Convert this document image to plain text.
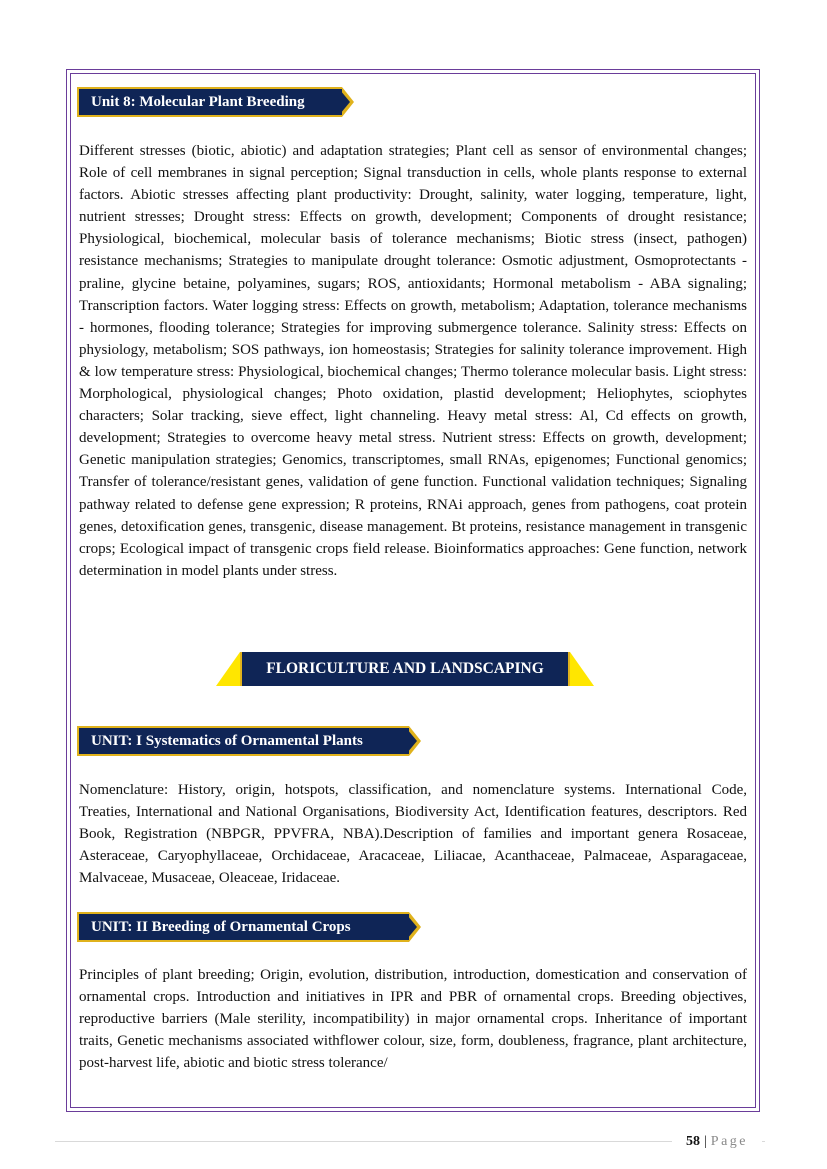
Unit 8: Molecular Plant Breeding

Different stresses (biotic, abiotic) and adaptation strategies; Plant cell as sensor of environmental changes; Role of cell membranes in signal perception; Signal transduction in cells, whole plants response to external factors. Abiotic stresses affecting plant productivity: Drought, salinity, water logging, temperature, light, nutrient stresses; Drought stress: Effects on growth, development; Components of drought resistance; Physiological, biochemical, molecular basis of tolerance mechanisms; Biotic stress (insect, pathogen) resistance mechanisms; Strategies to manipulate drought tolerance: Osmotic adjustment, Osmoprotectants - praline, glycine betaine, polyamines, sugars; ROS, antioxidants; Hormonal metabolism - ABA signaling; Transcription factors. Water logging stress: Effects on growth, metabolism; Adaptation, tolerance mechanisms - hormones, flooding tolerance; Strategies for improving submergence tolerance. Salinity stress: Effects on physiology, metabolism; SOS pathways, ion homeostasis; Strategies for salinity tolerance improvement. High & low temperature stress: Physiological, biochemical changes; Thermo tolerance molecular basis. Light stress: Morphological, physiological changes; Photo oxidation, plastid development; Heliophytes, sciophytes characters; Solar tracking, sieve effect, light channeling. Heavy metal stress: Al, Cd effects on growth, development; Strategies to overcome heavy metal stress. Nutrient stress: Effects on growth, development; Genetic manipulation strategies; Genomics, transcriptomes, small RNAs, epigenomes; Functional genomics; Transfer of tolerance/resistant genes, validation of gene function. Functional validation techniques; Signaling pathway related to defense gene expression; R proteins, RNAi approach, genes from pathogens, coat protein genes, detoxification genes, transgenic, disease management. Bt proteins, resistance management in transgenic crops; Ecological impact of transgenic crops field release. Bioinformatics approaches: Gene function, network determination in model plants under stress.

FLORICULTURE AND LANDSCAPING
UNIT: I Systematics of Ornamental Plants

Nomenclature: History, origin, hotspots, classification, and nomenclature systems. International Code, Treaties, International and National Organisations, Biodiversity Act, Identification features, descriptors. Red Book, Registration (NBPGR, PPVFRA, NBA).Description of families and important genera Rosaceae, Asteraceae, Caryophyllaceae, Orchidaceae, Aracaceae, Liliacae, Acanthaceae, Palmaceae, Asparagaceae, Malvaceae, Musaceae, Oleaceae, Iridaceae.

UNIT: II Breeding of Ornamental Crops

Principles of plant breeding; Origin, evolution, distribution, introduction, domestication and conservation of ornamental crops. Introduction and initiatives in IPR and PBR of ornamental crops. Breeding objectives, reproductive barriers (Male sterility, incompatibility) in major ornamental crops. Inheritance of important traits, Genetic mechanisms associated withflower colour, size, form, doubleness, fragrance, plant architecture, post-harvest life, abiotic and biotic stress tolerance/

58 | Page
